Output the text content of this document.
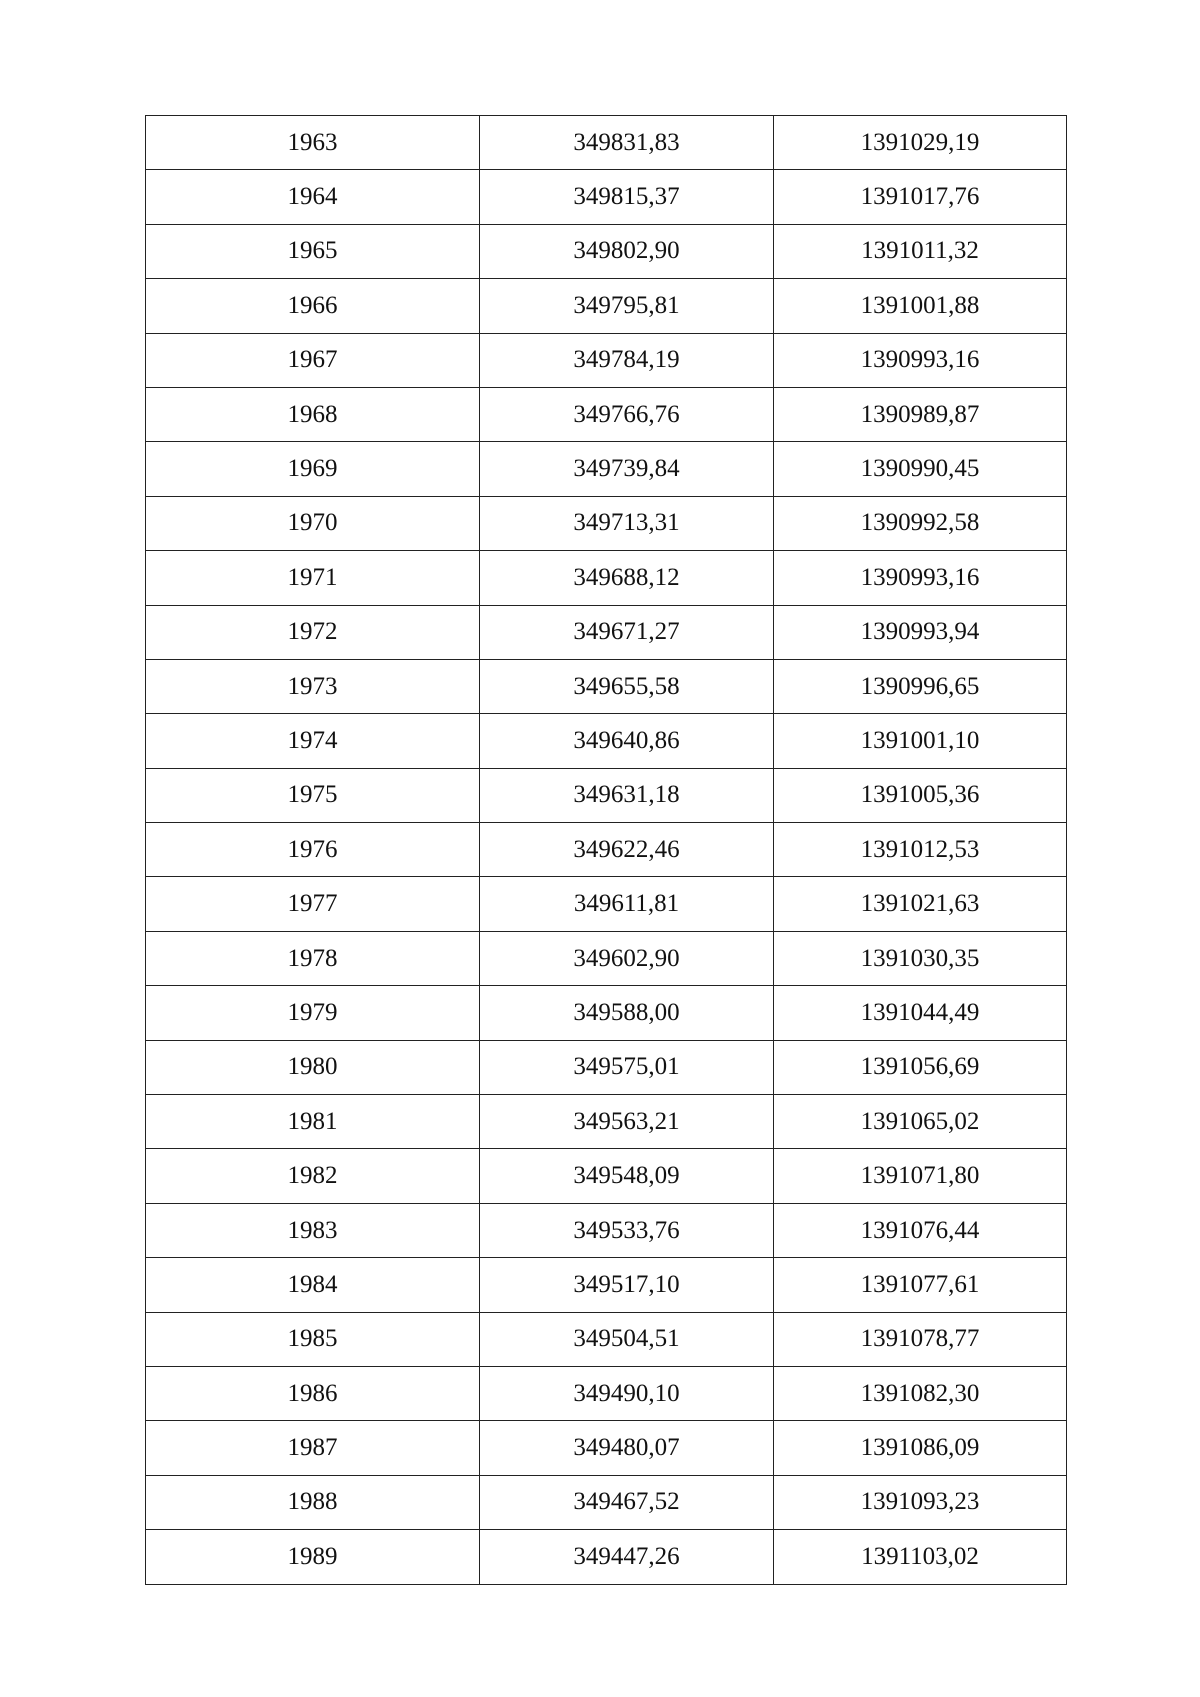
1963	349831,83	1391029,19
1964	349815,37	1391017,76
1965	349802,90	1391011,32
1966	349795,81	1391001,88
1967	349784,19	1390993,16
1968	349766,76	1390989,87
1969	349739,84	1390990,45
1970	349713,31	1390992,58
1971	349688,12	1390993,16
1972	349671,27	1390993,94
1973	349655,58	1390996,65
1974	349640,86	1391001,10
1975	349631,18	1391005,36
1976	349622,46	1391012,53
1977	349611,81	1391021,63
1978	349602,90	1391030,35
1979	349588,00	1391044,49
1980	349575,01	1391056,69
1981	349563,21	1391065,02
1982	349548,09	1391071,80
1983	349533,76	1391076,44
1984	349517,10	1391077,61
1985	349504,51	1391078,77
1986	349490,10	1391082,30
1987	349480,07	1391086,09
1988	349467,52	1391093,23
1989	349447,26	1391103,02
